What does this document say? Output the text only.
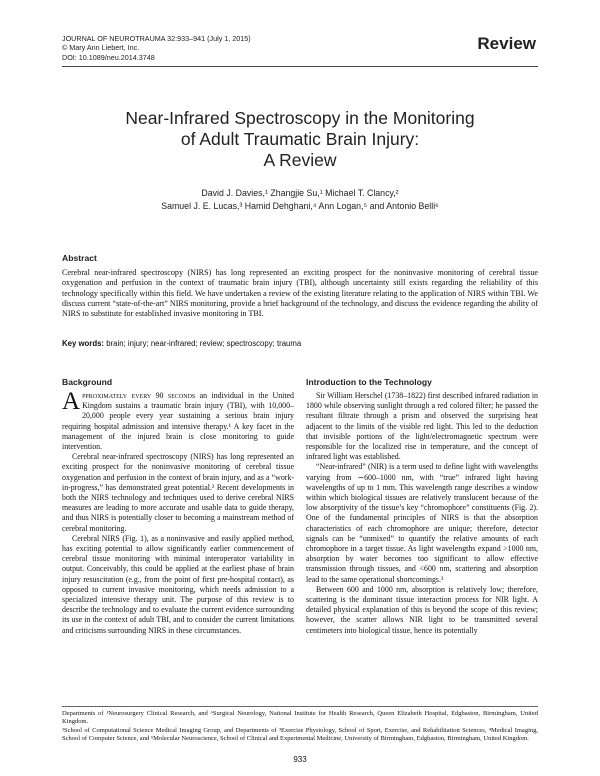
JOURNAL OF NEUROTRAUMA 32:933–941 (July 1, 2015)
© Mary Ann Liebert, Inc.
DOI: 10.1089/neu.2014.3748
Review
Near-Infrared Spectroscopy in the Monitoring
of Adult Traumatic Brain Injury:
A Review
David J. Davies,¹ Zhangjie Su,¹ Michael T. Clancy,²
Samuel J. E. Lucas,³ Hamid Dehghani,⁴ Ann Logan,⁵ and Antonio Belli⁶
Abstract
Cerebral near-infrared spectroscopy (NIRS) has long represented an exciting prospect for the noninvasive monitoring of cerebral tissue oxygenation and perfusion in the context of traumatic brain injury (TBI), although uncertainty still exists regarding the reliability of this technology specifically within this field. We have undertaken a review of the existing literature relating to the application of NIRS within TBI. We discuss current “state-of-the-art” NIRS monitoring, provide a brief background of the technology, and discuss the evidence regarding the ability of NIRS to substitute for established invasive monitoring in TBI.
Key words: brain; injury; near-infrared; review; spectroscopy; trauma
Background

Approximately every 90 seconds an individual in the United Kingdom sustains a traumatic brain injury (TBI), with 10,000–20,000 people every year sustaining a serious brain injury requiring hospital admission and intensive therapy.¹ A key facet in the management of the injured brain is close monitoring to guide intervention.

Cerebral near-infrared spectroscopy (NIRS) has long represented an exciting prospect for the noninvasive monitoring of cerebral tissue oxygenation and perfusion in the context of brain injury, and as a “work-in-progress,” has demonstrated great potential.² Recent developments in both the NIRS technology and techniques used to derive cerebral NIRS measures are leading to more accurate and usable data to guide therapy, and thus NIRS is potentially closer to becoming a mainstream method of cerebral monitoring.

Cerebral NIRS (Fig. 1), as a noninvasive and easily applied method, has exciting potential to allow significantly earlier commencement of cerebral tissue monitoring with minimal interoperator variability in output. Conceivably, this could be applied at the earliest phase of brain injury resuscitation (e.g., from the point of first pre-hospital contact), as opposed to current invasive monitoring, which needs admission to a specialized intensive therapy unit. The purpose of this review is to describe the technology and to evaluate the current evidence surrounding its use in the context of adult TBI, and to consider the current limitations and criticisms surrounding NIRS in these circumstances.

Introduction to the Technology

Sir William Herschel (1738–1822) first described infrared radiation in 1800 while observing sunlight through a red colored filter; he passed the resultant filtrate through a prism and observed the surprising heat adjacent to the limits of the visible red light. This led to the deduction that invisible portions of the light/electromagnetic spectrum were responsible for the localized rise in temperature, and the concept of infrared light was established.

“Near-infrared” (NIR) is a term used to define light with wavelengths varying from ∼600–1000 nm, with “true” infrared light having wavelengths of up to 1 mm. This wavelength range describes a window within which biological tissues are relatively translucent because of the low absorptivity of the tissue’s key “chromophore” constituents (Fig. 2). One of the fundamental principles of NIRS is that the absorption characteristics of each chromophore are unique; therefore, detector signals can be “unmixed” to quantify the relative amounts of each chromophore in a target tissue. As light wavelengths expand >1000 nm, absorption by water becomes too significant to allow effective transmission through tissues, and <600 nm, scattering and absorption lead to the same operational shortcomings.³

Between 600 and 1000 nm, absorption is relatively low; therefore, scattering is the dominant tissue interaction process for NIR light. A detailed physical explanation of this is beyond the scope of this review; however, the scatter allows NIR light to be transmitted several centimeters into biological tissue, hence its potentially

Departments of ¹Neurosurgery Clinical Research, and ⁶Surgical Neurology, National Institute for Health Research, Queen Elizabeth Hospital, Edgbaston, Birmingham, United Kingdom.

²School of Computational Science Medical Imaging Group, and Departments of ³Exercise Physiology, School of Sport, Exercise, and Rehabilitation Sciences, ⁴Medical Imaging, School of Computer Science, and ⁵Molecular Neuroscience, School of Clinical and Experimental Medicine, University of Birmingham, Edgbaston, Birmingham, United Kingdom.

933
